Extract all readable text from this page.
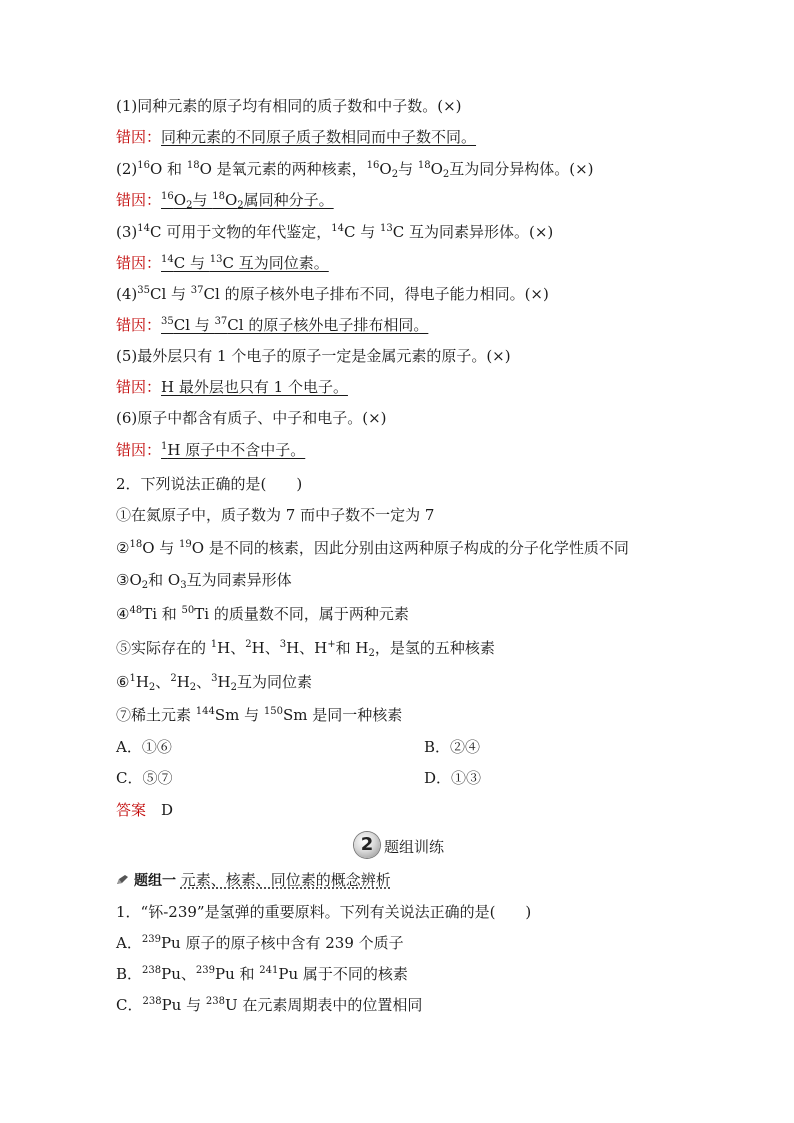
(1)同种元素的原子均有相同的质子数和中子数。(×)
错因：同种元素的不同原子质子数相同而中子数不同。
$(2)^{16}O$ 和 $^{18}$O 是氧元素的两种核素，$^{16}O_2$与 $^{18}O_2$互为同分异构体。(×)
错因：$^{16}O_2$与 $^{18}O_2$属同种分子。
$(3)^{14}C$ 可用于文物的年代鉴定，$^{14}$C 与 $^{13}$C 互为同素异形体。(×)
错因：$^{14}$C 与 $^{13}$C 互为同位素。
$(4)^{35}Cl$ 与 $^{37}$Cl 的原子核外电子排布不同，得电子能力相同。(×)
错因：$^{35}$Cl 与 $^{37}$Cl 的原子核外电子排布相同。
(5)最外层只有 1 个电子的原子一定是金属元素的原子。(×)
错因：H 最外层也只有 1 个电子。
(6)原子中都含有质子、中子和电子。(×)
错因：$^1$H 原子中不含中子。
2．下列说法正确的是(　　)
①在氮原子中，质子数为 7 而中子数不一定为 7
②$^{18}$O 与 $^{19}$O 是不同的核素，因此分别由这两种原子构成的分子化学性质不同
$③O_2$和 $O_3$互为同素异形体
④$^{48}$Ti 和 $^{50}$Ti 的质量数不同，属于两种元素
⑤实际存在的 $^1$H、$^2$H、$^3$H、H+和 $H_2$，是氢的五种核素
$⑥^1H_2$、$^2H_2$、$^3H_2$互为同位素
⑦稀土元素 $^{144}$Sm 与 $^{150}$Sm 是同一种核素
A．①⑥	B．②④
C．⑤⑦	D．①③
答案　 D
2 题组训练
题组一 元素、核素、同位素的概念辨析
1．“钚-239”是氢弹的重要原料。下列有关说法正确的是(　　)
A．$^{239}$Pu 原子的原子核中含有 239 个质子
B．$^{238}$Pu、$^{239}$Pu 和 $^{241}$Pu 属于不同的核素
C．$^{238}$Pu 与 $^{238}$U 在元素周期表中的位置相同
